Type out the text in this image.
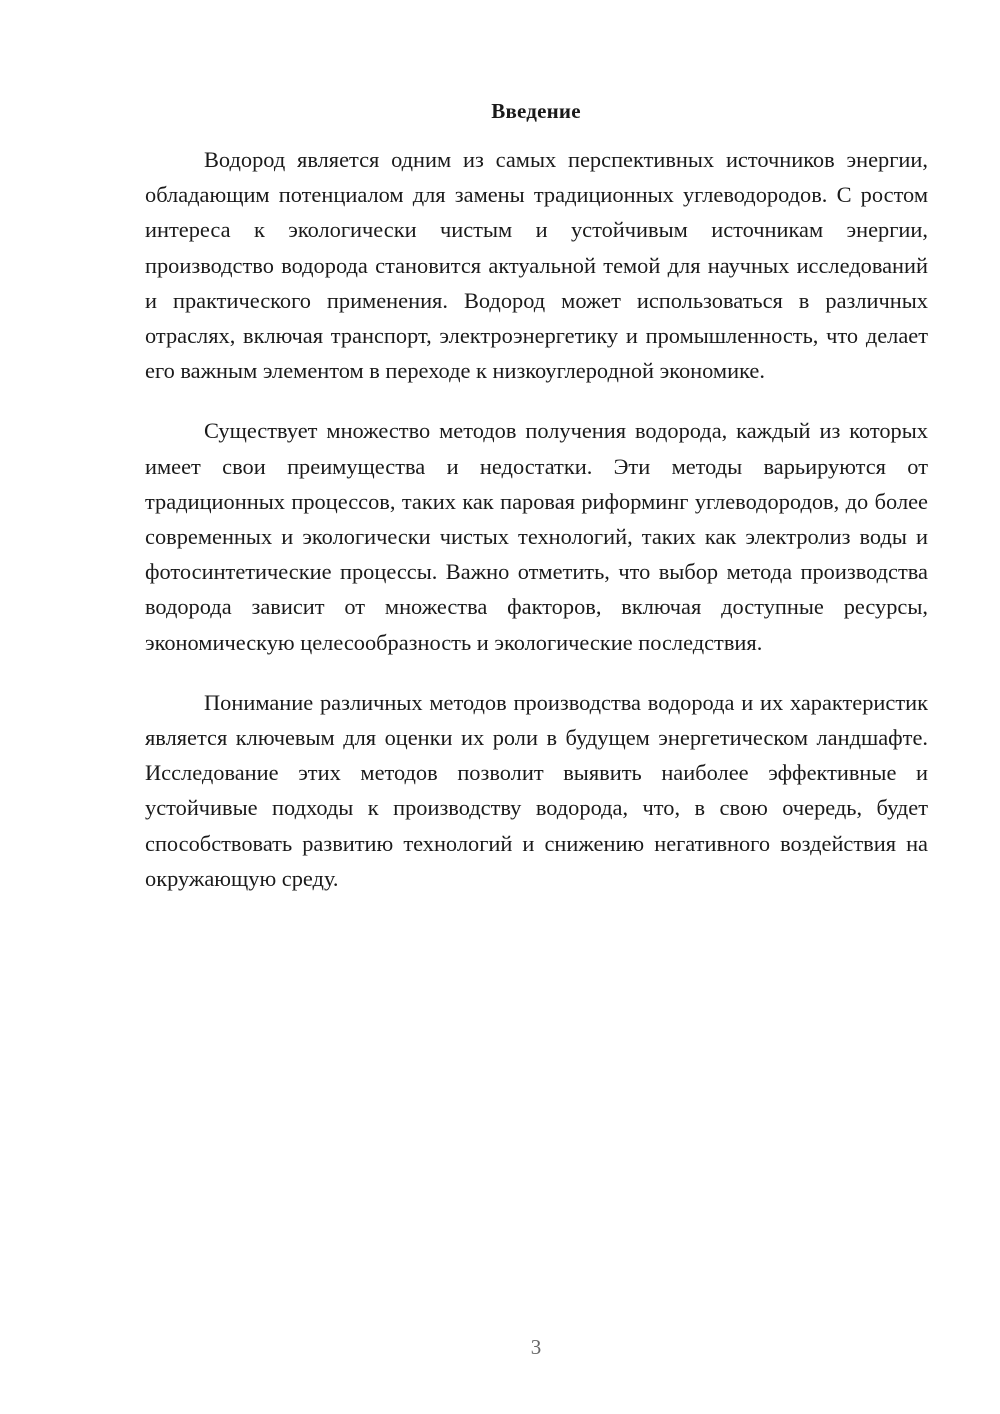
Введение

Водород является одним из самых перспективных источников энергии, обладающим потенциалом для замены традиционных углеводородов. С ростом интереса к экологически чистым и устойчивым источникам энергии, производство водорода становится актуальной темой для научных исследований и практического применения. Водород может использоваться в различных отраслях, включая транспорт, электроэнергетику и промышленность, что делает его важным элементом в переходе к низкоуглеродной экономике.

Существует множество методов получения водорода, каждый из которых имеет свои преимущества и недостатки. Эти методы варьируются от традиционных процессов, таких как паровая риформинг углеводородов, до более современных и экологически чистых технологий, таких как электролиз воды и фотосинтетические процессы. Важно отметить, что выбор метода производства водорода зависит от множества факторов, включая доступные ресурсы, экономическую целесообразность и экологические последствия.

Понимание различных методов производства водорода и их характеристик является ключевым для оценки их роли в будущем энергетическом ландшафте. Исследование этих методов позволит выявить наиболее эффективные и устойчивые подходы к производству водорода, что, в свою очередь, будет способствовать развитию технологий и снижению негативного воздействия на окружающую среду.

3
